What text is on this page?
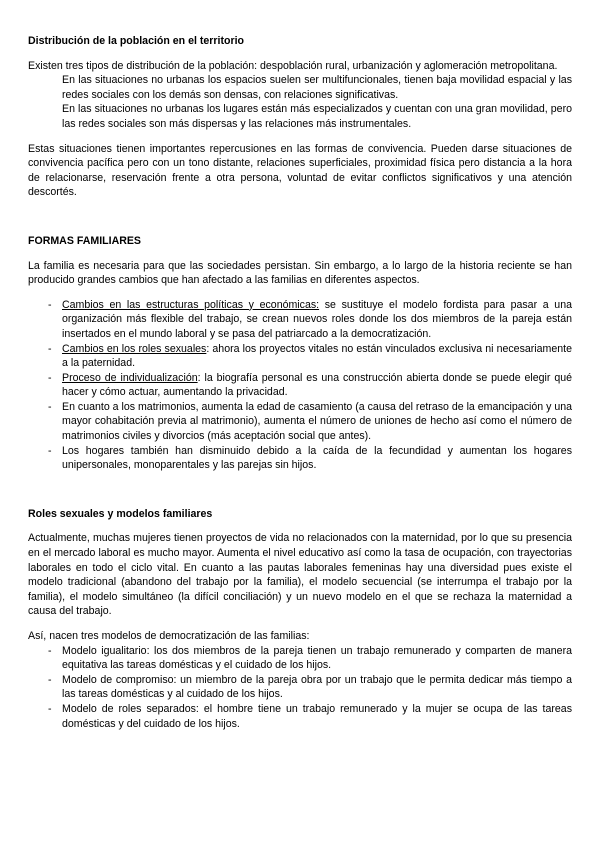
Distribución de la población en el territorio

Existen tres tipos de distribución de la población: despoblación rural, urbanización y aglomeración metropolitana.

En las situaciones no urbanas los espacios suelen ser multifuncionales, tienen baja movilidad espacial y las redes sociales con los demás son densas, con relaciones significativas.

En las situaciones no urbanas los lugares están más especializados y cuentan con una gran movilidad, pero las redes sociales son más dispersas y las relaciones más instrumentales.

Estas situaciones tienen importantes repercusiones en las formas de convivencia. Pueden darse situaciones de convivencia pacífica pero con un tono distante, relaciones superficiales, proximidad física pero distancia a la hora de relacionarse, reservación frente a otra persona, voluntad de evitar conflictos significativos y una atención descortés.

FORMAS FAMILIARES

La familia es necesaria para que las sociedades persistan. Sin embargo, a lo largo de la historia reciente se han producido grandes cambios que han afectado a las familias en diferentes aspectos.

- Cambios en las estructuras políticas y económicas: se sustituye el modelo fordista para pasar a una organización más flexible del trabajo, se crean nuevos roles donde los dos miembros de la pareja están insertados en el mundo laboral y se pasa del patriarcado a la democratización.
- Cambios en los roles sexuales: ahora los proyectos vitales no están vinculados exclusiva ni necesariamente a la paternidad.
- Proceso de individualización: la biografía personal es una construcción abierta donde se puede elegir qué hacer y cómo actuar, aumentando la privacidad.
- En cuanto a los matrimonios, aumenta la edad de casamiento (a causa del retraso de la emancipación y una mayor cohabitación previa al matrimonio), aumenta el número de uniones de hecho así como el número de matrimonios civiles y divorcios (más aceptación social que antes).
- Los hogares también han disminuido debido a la caída de la fecundidad y aumentan los hogares unipersonales, monoparentales y las parejas sin hijos.

Roles sexuales y modelos familiares

Actualmente, muchas mujeres tienen proyectos de vida no relacionados con la maternidad, por lo que su presencia en el mercado laboral es mucho mayor. Aumenta el nivel educativo así como la tasa de ocupación, con trayectorias laborales en todo el ciclo vital. En cuanto a las pautas laborales femeninas hay una diversidad pues existe el modelo tradicional (abandono del trabajo por la familia), el modelo secuencial (se interrumpa el trabajo por la familia), el modelo simultáneo (la difícil conciliación) y un nuevo modelo en el que se rechaza la maternidad a causa del trabajo.

Así, nacen tres modelos de democratización de las familias:

- Modelo igualitario: los dos miembros de la pareja tienen un trabajo remunerado y comparten de manera equitativa las tareas domésticas y el cuidado de los hijos.
- Modelo de compromiso: un miembro de la pareja obra por un trabajo que le permita dedicar más tiempo a las tareas domésticas y al cuidado de los hijos.
- Modelo de roles separados: el hombre tiene un trabajo remunerado y la mujer se ocupa de las tareas domésticas y del cuidado de los hijos.
